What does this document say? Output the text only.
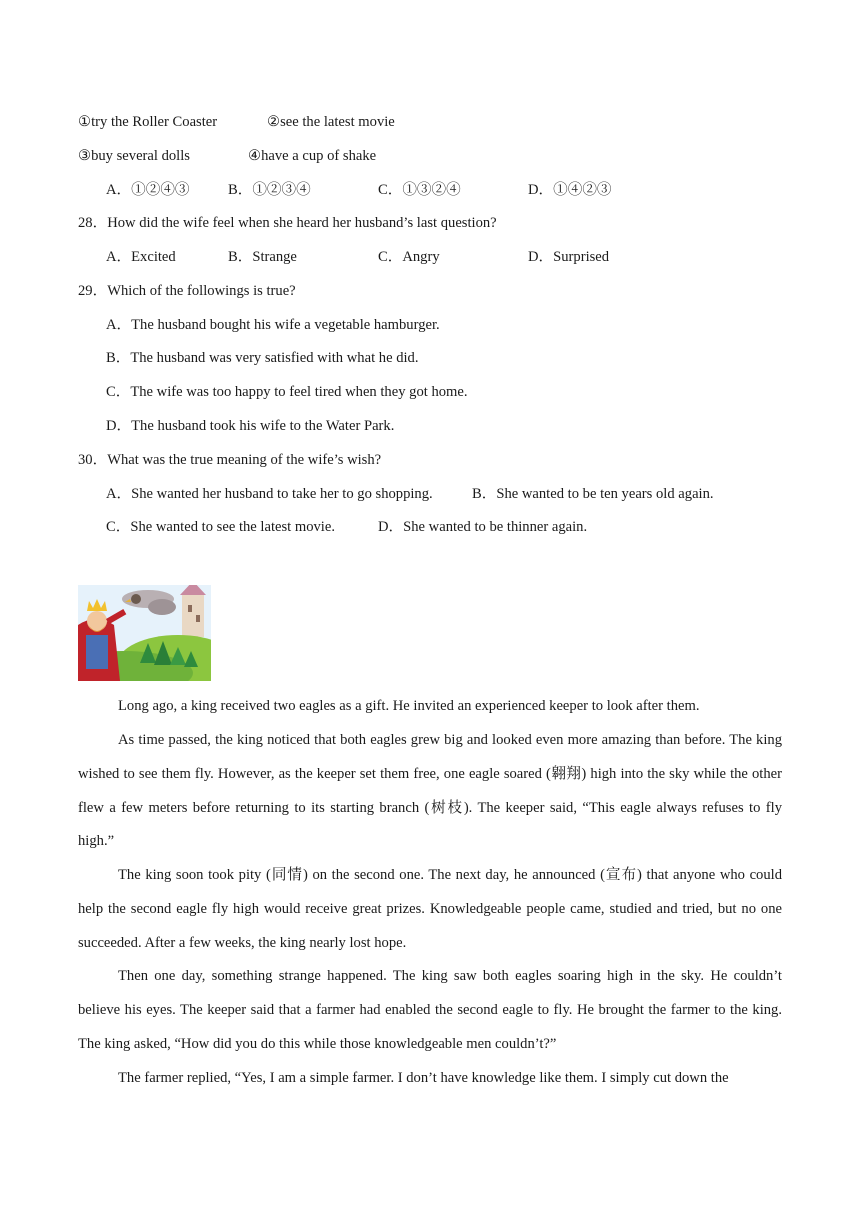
①try the Roller Coaster	②see the latest movie
③buy several dolls	④have a cup of shake
A．①②④③	B．①②③④	C．①③②④	D．①④②③
28．How did the wife feel when she heard her husband’s last question?
A．Excited	B．Strange	C．Angry	D．Surprised
29．Which of the followings is true?
A．The husband bought his wife a vegetable hamburger.
B．The husband was very satisfied with what he did.
C．The wife was too happy to feel tired when they got home.
D．The husband took his wife to the Water Park.
30．What was the true meaning of the wife’s wish?
A．She wanted her husband to take her to go shopping.	B．She wanted to be ten years old again.
C．She wanted to see the latest movie.	D．She wanted to be thinner again.
Long ago, a king received two eagles as a gift. He invited an experienced keeper to look after them.
As time passed, the king noticed that both eagles grew big and looked even more amazing than before. The king wished to see them fly. However, as the keeper set them free, one eagle soared (翱翔) high into the sky while the other flew a few meters before returning to its starting branch (树枝). The keeper said, “This eagle always refuses to fly high.”
The king soon took pity (同情) on the second one. The next day, he announced (宣布) that anyone who could help the second eagle fly high would receive great prizes. Knowledgeable people came, studied and tried, but no one succeeded. After a few weeks, the king nearly lost hope.
Then one day, something strange happened. The king saw both eagles soaring high in the sky. He couldn’t believe his eyes. The keeper said that a farmer had enabled the second eagle to fly. He brought the farmer to the king. The king asked, “How did you do this while those knowledgeable men couldn’t?”
The farmer replied, “Yes, I am a simple farmer. I don’t have knowledge like them. I simply cut down the
